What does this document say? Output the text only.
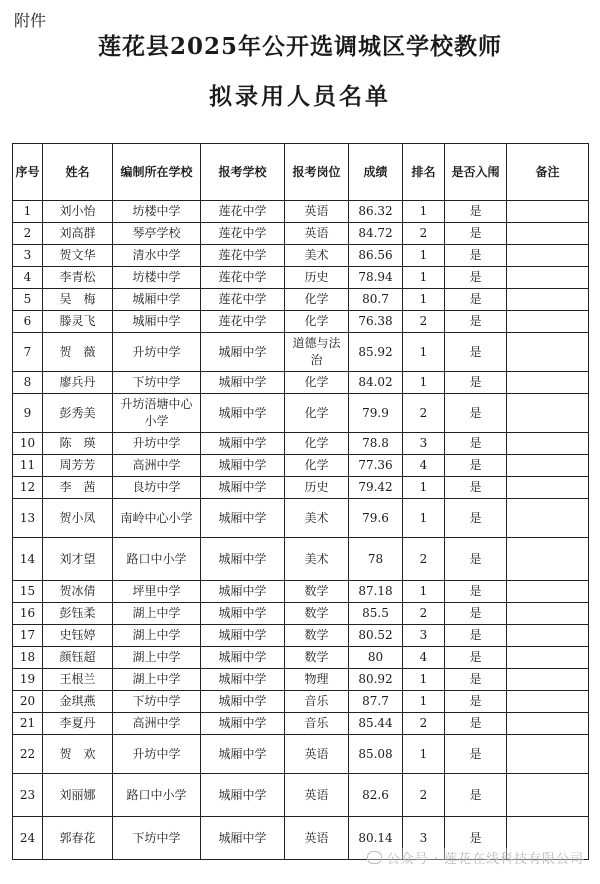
附件
莲花县2025年公开选调城区学校教师
拟录用人员名单
序号	姓名	编制所在学校	报考学校	报考岗位	成绩	排名	是否入闱	备注
1	刘小怡	坊楼中学	莲花中学	英语	86.32	1	是	
2	刘高群	琴亭学校	莲花中学	英语	84.72	2	是	
3	贺文华	清水中学	莲花中学	美术	86.56	1	是	
4	李青松	坊楼中学	莲花中学	历史	78.94	1	是	
5	吴　梅	城厢中学	莲花中学	化学	80.7	1	是	
6	滕灵飞	城厢中学	莲花中学	化学	76.38	2	是	
7	贺　薇	升坊中学	城厢中学	道德与法治	85.92	1	是	
8	廖兵丹	下坊中学	城厢中学	化学	84.02	1	是	
9	彭秀美	升坊浯塘中心小学	城厢中学	化学	79.9	2	是	
10	陈　瑛	升坊中学	城厢中学	化学	78.8	3	是	
11	周芳芳	高洲中学	城厢中学	化学	77.36	4	是	
12	李　茜	良坊中学	城厢中学	历史	79.42	1	是	
13	贺小凤	南岭中心小学	城厢中学	美术	79.6	1	是	
14	刘才望	路口中小学	城厢中学	美术	78	2	是	
15	贺冰倩	坪里中学	城厢中学	数学	87.18	1	是	
16	彭钰柔	湖上中学	城厢中学	数学	85.5	2	是	
17	史钰婷	湖上中学	城厢中学	数学	80.52	3	是	
18	颜钰超	湖上中学	城厢中学	数学	80	4	是	
19	王根兰	湖上中学	城厢中学	物理	80.92	1	是	
20	金琪燕	下坊中学	城厢中学	音乐	87.7	1	是	
21	李夏丹	高洲中学	城厢中学	音乐	85.44	2	是	
22	贺　欢	升坊中学	城厢中学	英语	85.08	1	是	
23	刘丽娜	路口中小学	城厢中学	英语	82.6	2	是	
24	郭春花	下坊中学	城厢中学	英语	80.14	3	是	
公众号 · 莲花在线科技有限公司
